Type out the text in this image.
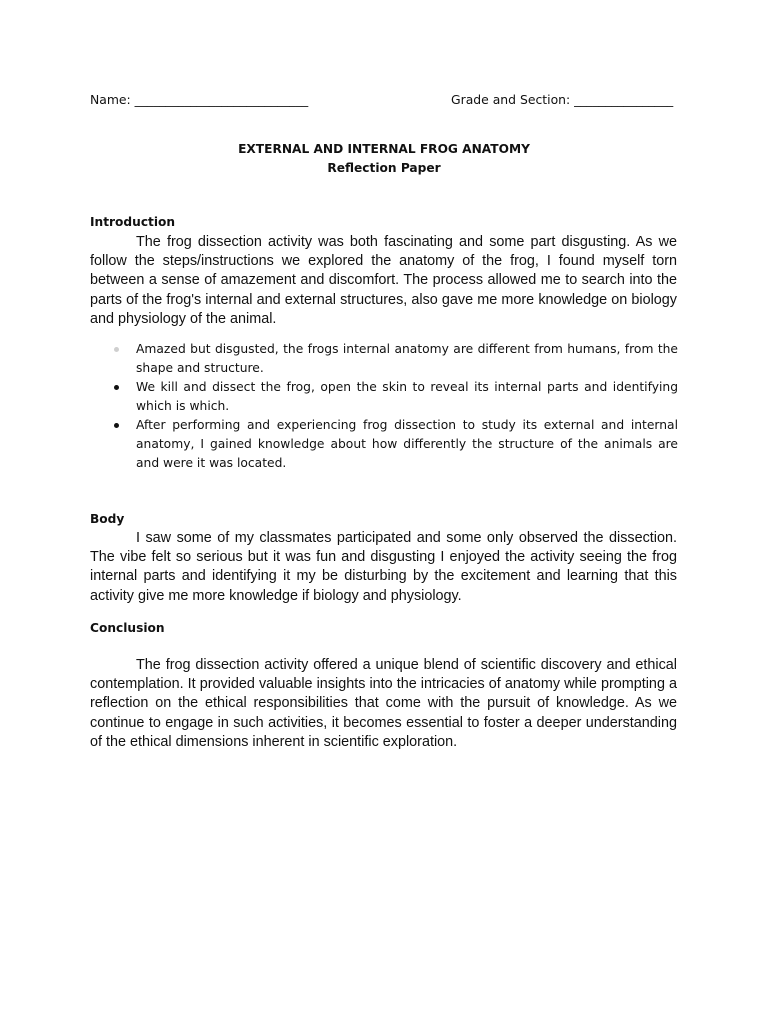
Name: ____________________________	Grade and Section: ________________
EXTERNAL AND INTERNAL FROG ANATOMY
Reflection Paper
Introduction

The frog dissection activity was both fascinating and some part disgusting. As we follow the steps/instructions we explored the anatomy of the frog, I found myself torn between a sense of amazement and discomfort. The process allowed me to search into the parts of the frog's internal and external structures, also gave me more knowledge on biology and physiology of the animal.

Amazed but disgusted, the frogs internal anatomy are different from humans, from the shape and structure.
We kill and dissect the frog, open the skin to reveal its internal parts and identifying which is which.
After performing and experiencing frog dissection to study its external and internal anatomy, I gained knowledge about how differently the structure of the animals are and were it was located.
Body

I saw some of my classmates participated and some only observed the dissection. The vibe felt so serious but it was fun and disgusting I enjoyed the activity seeing the frog internal parts and identifying it my be disturbing by the excitement and learning that this activity give me more knowledge if biology and physiology.

Conclusion

The frog dissection activity offered a unique blend of scientific discovery and ethical contemplation. It provided valuable insights into the intricacies of anatomy while prompting a reflection on the ethical responsibilities that come with the pursuit of knowledge. As we continue to engage in such activities, it becomes essential to foster a deeper understanding of the ethical dimensions inherent in scientific exploration.
